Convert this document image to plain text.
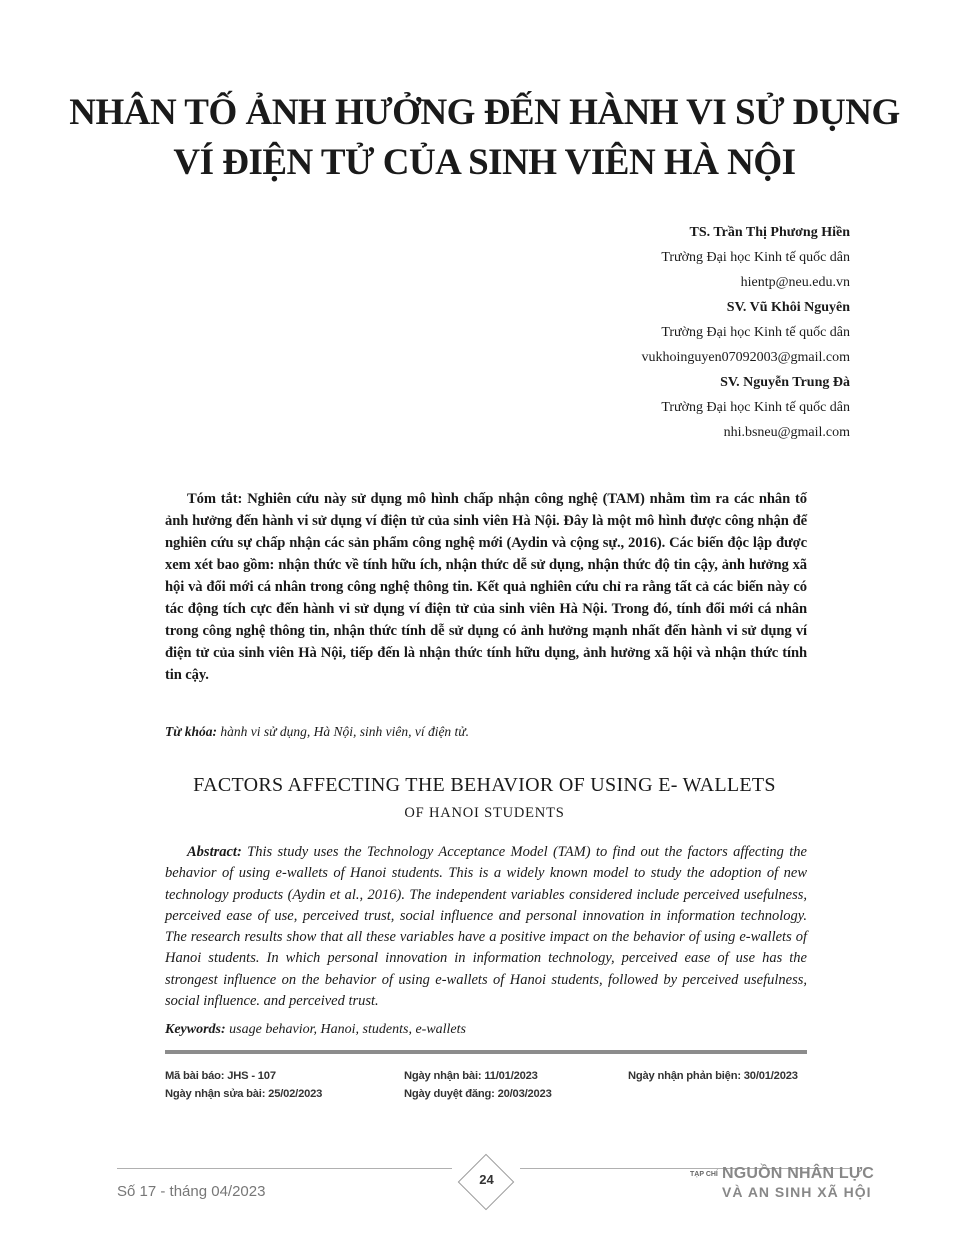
NHÂN TỐ ẢNH HƯỞNG ĐẾN HÀNH VI SỬ DỤNG
VÍ ĐIỆN TỬ CỦA SINH VIÊN HÀ NỘI
TS. Trần Thị Phương Hiền
Trường Đại học Kinh tế quốc dân
hientp@neu.edu.vn
SV. Vũ Khôi Nguyên
Trường Đại học Kinh tế quốc dân
vukhoinguyen07092003@gmail.com
SV. Nguyễn Trung Đà
Trường Đại học Kinh tế quốc dân
nhi.bsneu@gmail.com

Tóm tắt: Nghiên cứu này sử dụng mô hình chấp nhận công nghệ (TAM) nhằm tìm ra các nhân tố ảnh hưởng đến hành vi sử dụng ví điện tử của sinh viên Hà Nội. Đây là một mô hình được công nhận để nghiên cứu sự chấp nhận các sản phẩm công nghệ mới (Aydin và cộng sự., 2016). Các biến độc lập được xem xét bao gồm: nhận thức về tính hữu ích, nhận thức dễ sử dụng, nhận thức độ tin cậy, ảnh hưởng xã hội và đổi mới cá nhân trong công nghệ thông tin. Kết quả nghiên cứu chỉ ra rằng tất cả các biến này có tác động tích cực đến hành vi sử dụng ví điện tử của sinh viên Hà Nội. Trong đó, tính đổi mới cá nhân trong công nghệ thông tin, nhận thức tính dễ sử dụng có ảnh hưởng mạnh nhất đến hành vi sử dụng ví điện tử của sinh viên Hà Nội, tiếp đến là nhận thức tính hữu dụng, ảnh hưởng xã hội và nhận thức tính tin cậy.

Từ khóa: hành vi sử dụng, Hà Nội, sinh viên, ví điện tử.
FACTORS AFFECTING THE BEHAVIOR OF USING E- WALLETS
OF HANOI STUDENTS

Abstract: This study uses the Technology Acceptance Model (TAM) to find out the factors affecting the behavior of using e-wallets of Hanoi students. This is a widely known model to study the adoption of new technology products (Aydin et al., 2016). The independent variables considered include perceived usefulness, perceived ease of use, perceived trust, social influence and personal innovation in information technology. The research results show that all these variables have a positive impact on the behavior of using e-wallets of Hanoi students. In which personal innovation in information technology, perceived ease of use has the strongest influence on the behavior of using e-wallets of Hanoi students, followed by perceived usefulness, social influence. and perceived trust.

Keywords: usage behavior, Hanoi, students, e-wallets
Mã bài báo: JHS - 107	Ngày nhận bài: 11/01/2023	Ngày nhận phản biện: 30/01/2023
Ngày nhận sửa bài: 25/02/2023	Ngày duyệt đăng: 20/03/2023
Số 17 - tháng 04/2023
24	TẠP CHÍ NGUỒN NHÂN LỰC
VÀ AN SINH XÃ HỘI
